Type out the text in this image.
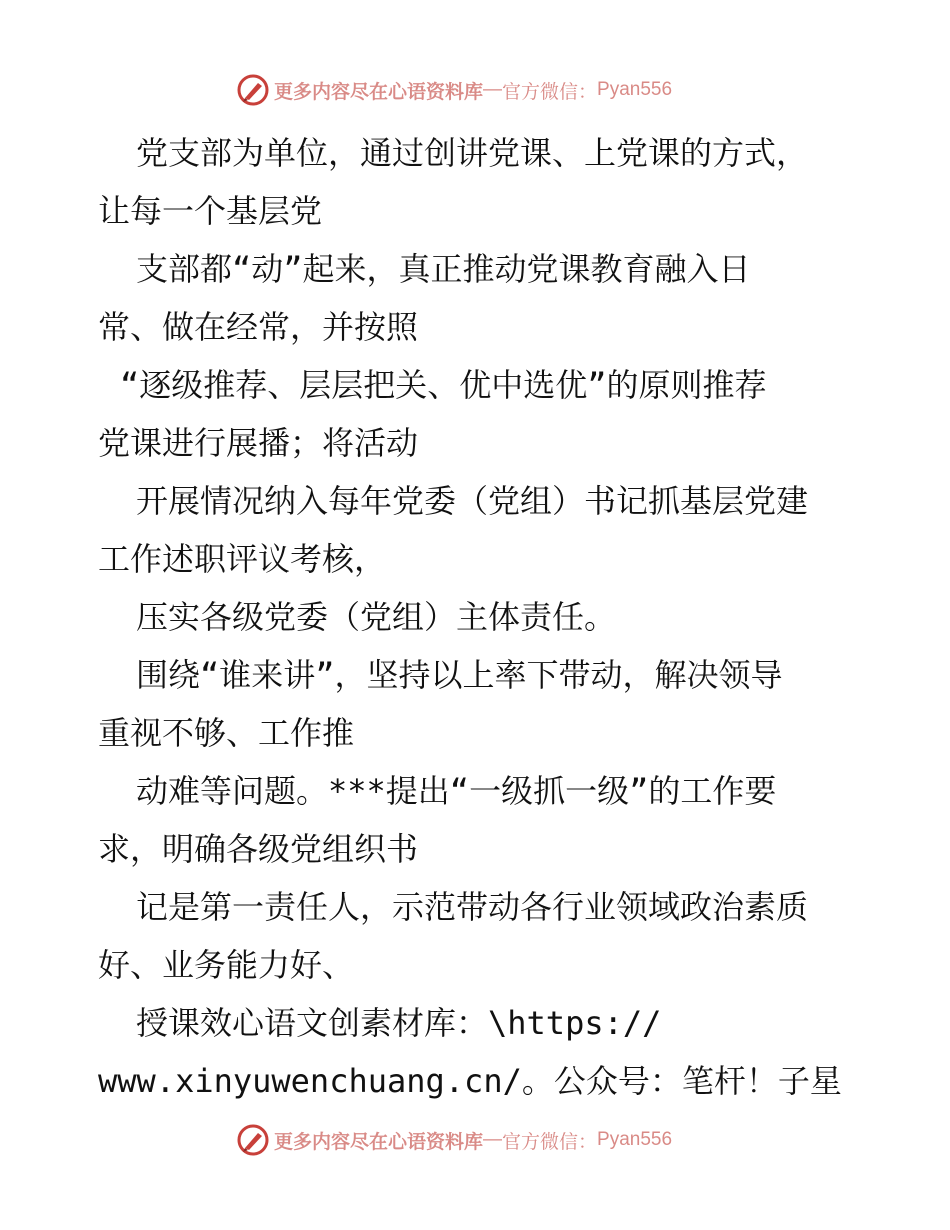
更多内容尽在心语资料库 — 官方微信： Pyan556
党支部为单位，通过创讲党课、上党课的方式，
让每一个基层党
支部都“动”起来，真正推动党课教育融入日
常、做在经常，并按照
“逐级推荐、层层把关、优中选优”的原则推荐
党课进行展播；将活动
开展情况纳入每年党委（党组）书记抓基层党建
工作述职评议考核，
压实各级党委（党组）主体责任。
围绕“谁来讲”，坚持以上率下带动，解决领导
重视不够、工作推
动难等问题。***提出“一级抓一级”的工作要
求，明确各级党组织书
记是第一责任人，示范带动各行业领域政治素质
好、业务能力好、
授课效心语文创素材库：\https://
www.xinyuwenchuang.cn/。公众号：笔杆！子星
更多内容尽在心语资料库 — 官方微信： Pyan556
